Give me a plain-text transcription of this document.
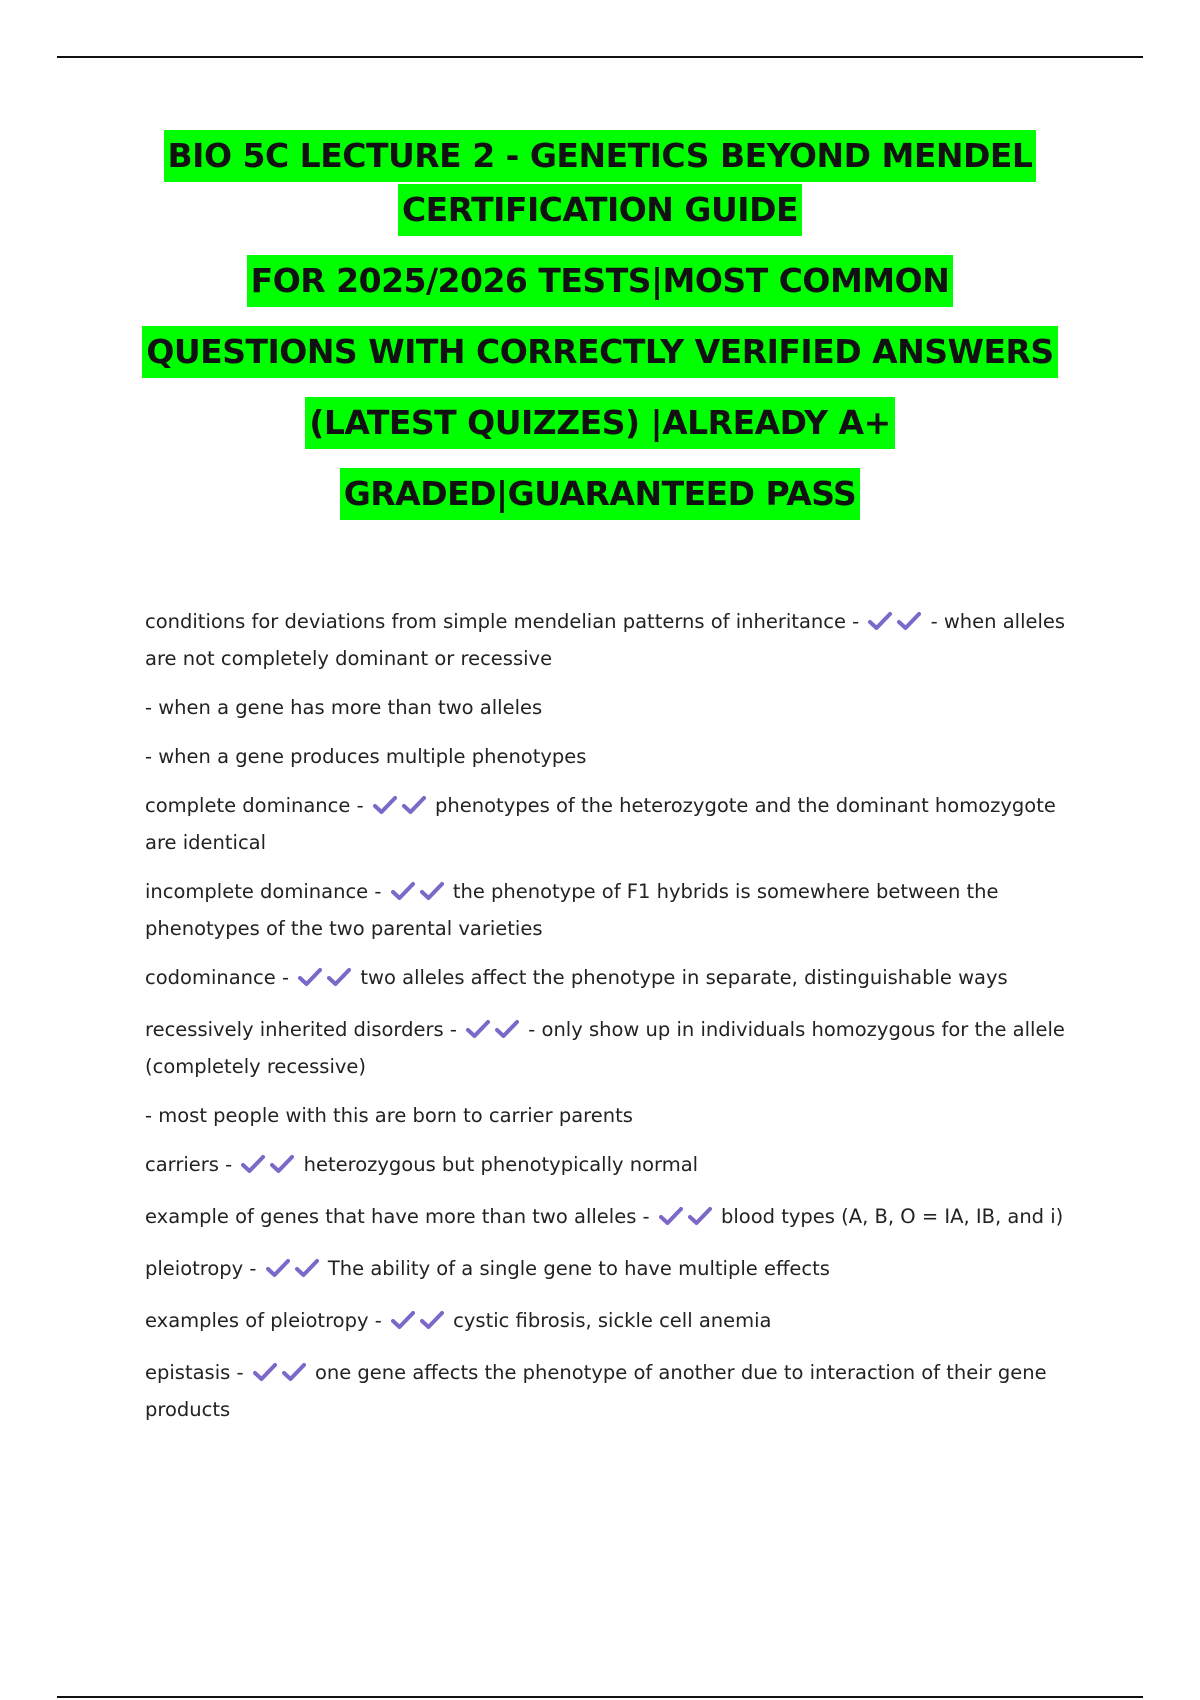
BIO 5C LECTURE 2 - GENETICS BEYOND MENDEL
CERTIFICATION GUIDE
FOR 2025/2026 TESTS|MOST COMMON
QUESTIONS WITH CORRECTLY VERIFIED ANSWERS
(LATEST QUIZZES) |ALREADY A+
GRADED|GUARANTEED PASS

conditions for deviations from simple mendelian patterns of inheritance -	- when alleles are not completely dominant or recessive

- when a gene has more than two alleles

- when a gene produces multiple phenotypes

complete dominance -	phenotypes of the heterozygote and the dominant homozygote are identical

incomplete dominance -	the phenotype of F1 hybrids is somewhere between the phenotypes of the two parental varieties

codominance -	two alleles affect the phenotype in separate, distinguishable ways

recessively inherited disorders -	- only show up in individuals homozygous for the allele (completely recessive)

- most people with this are born to carrier parents

carriers -	heterozygous but phenotypically normal

example of genes that have more than two alleles -	blood types (A, B, O = IA, IB, and i)

pleiotropy -	The ability of a single gene to have multiple effects

examples of pleiotropy -	cystic fibrosis, sickle cell anemia

epistasis -	one gene affects the phenotype of another due to interaction of their gene products
